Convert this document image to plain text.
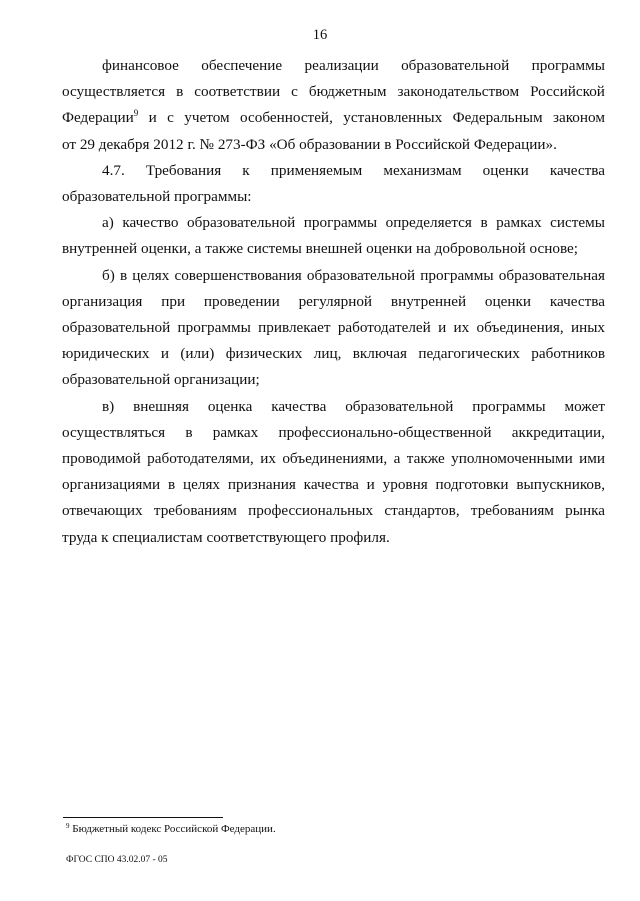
16

финансовое обеспечение реализации образовательной программы

осуществляется в соответствии с бюджетным законодательством Российской

Федерации$^9$ и с учетом особенностей, установленных Федеральным законом

от 29 декабря 2012 г. № 273-ФЗ «Об образовании в Российской Федерации».

4.7. Требования к применяемым механизмам оценки качества образовательной программы:

а) качество образовательной программы определяется в рамках системы внутренней оценки, а также системы внешней оценки на добровольной основе;

б) в целях совершенствования образовательной программы образовательная организация при проведении регулярной внутренней оценки качества образовательной программы привлекает работодателей и их объединения, иных юридических и (или) физических лиц, включая педагогических работников образовательной организации;

в) внешняя оценка качества образовательной программы может

осуществляться в рамках профессионально-общественной аккредитации,

проводимой работодателями, их объединениями, а также уполномоченными ими организациями в целях признания качества и уровня подготовки выпускников, отвечающих требованиям профессиональных стандартов, требованиям рынка труда к специалистам соответствующего профиля.

$^9$ Бюджетный кодекс Российской Федерации.
ФГОС СПО 43.02.07 - 05
